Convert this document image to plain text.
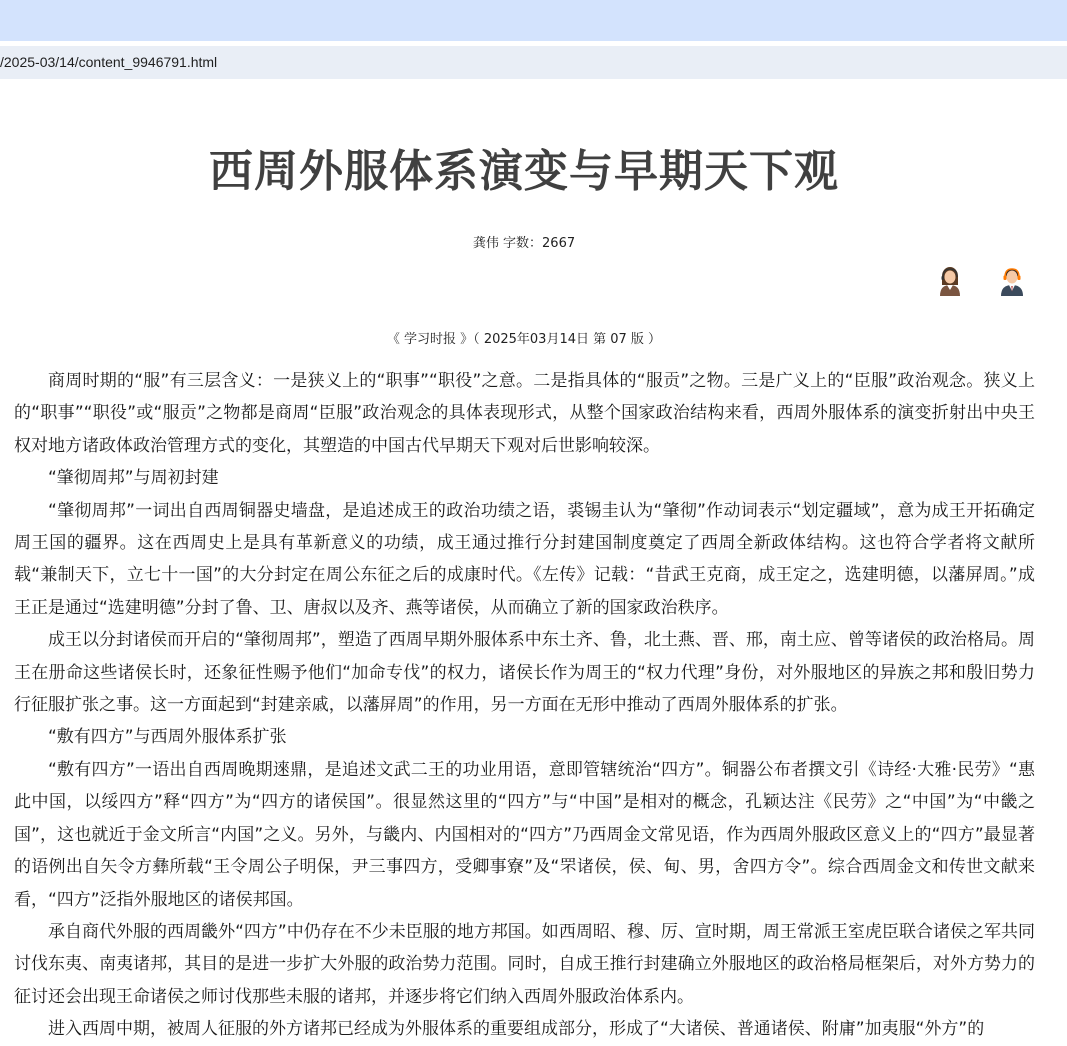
/2025-03/14/content_9946791.html
西周外服体系演变与早期天下观
龚伟 字数：2667
《 学习时报 》（ 2025年03月14日 第 07 版 ）

商周时期的“服”有三层含义：一是狭义上的“职事”“职役”之意。二是指具体的“服贡”之物。三是广义上的“臣服”政治观念。狭义上的“职事”“职役”或“服贡”之物都是商周“臣服”政治观念的具体表现形式，从整个国家政治结构来看，西周外服体系的演变折射出中央王权对地方诸政体政治管理方式的变化，其塑造的中国古代早期天下观对后世影响较深。

“肇彻周邦”与周初封建

“肇彻周邦”一词出自西周铜器史墙盘，是追述成王的政治功绩之语，裘锡圭认为“肇彻”作动词表示“划定疆域”，意为成王开拓确定周王国的疆界。这在西周史上是具有革新意义的功绩，成王通过推行分封建国制度奠定了西周全新政体结构。这也符合学者将文献所载“兼制天下，立七十一国”的大分封定在周公东征之后的成康时代。《左传》记载：“昔武王克商，成王定之，选建明德，以藩屏周。”成王正是通过“选建明德”分封了鲁、卫、唐叔以及齐、燕等诸侯，从而确立了新的国家政治秩序。

成王以分封诸侯而开启的“肇彻周邦”，塑造了西周早期外服体系中东土齐、鲁，北土燕、晋、邢，南土应、曾等诸侯的政治格局。周王在册命这些诸侯长时，还象征性赐予他们“加命专伐”的权力，诸侯长作为周王的“权力代理”身份，对外服地区的异族之邦和殷旧势力行征服扩张之事。这一方面起到“封建亲戚，以藩屏周”的作用，另一方面在无形中推动了西周外服体系的扩张。

“敷有四方”与西周外服体系扩张

“敷有四方”一语出自西周晚期逨鼎，是追述文武二王的功业用语，意即管辖统治“四方”。铜器公布者撰文引《诗经·大雅·民劳》“惠此中国，以绥四方”释“四方”为“四方的诸侯国”。很显然这里的“四方”与“中国”是相对的概念，孔颖达注《民劳》之“中国”为“中畿之国”，这也就近于金文所言“内国”之义。另外，与畿内、内国相对的“四方”乃西周金文常见语，作为西周外服政区意义上的“四方”最显著的语例出自矢令方彝所载“王令周公子明保，尹三事四方，受卿事寮”及“罘诸侯，侯、甸、男，舍四方令”。综合西周金文和传世文献来看，“四方”泛指外服地区的诸侯邦国。

承自商代外服的西周畿外“四方”中仍存在不少未臣服的地方邦国。如西周昭、穆、厉、宣时期，周王常派王室虎臣联合诸侯之军共同讨伐东夷、南夷诸邦，其目的是进一步扩大外服的政治势力范围。同时，自成王推行封建确立外服地区的政治格局框架后，对外方势力的征讨还会出现王命诸侯之师讨伐那些未服的诸邦，并逐步将它们纳入西周外服政治体系内。

进入西周中期，被周人征服的外方诸邦已经成为外服体系的重要组成部分，形成了“大诸侯、普通诸侯、附庸”加夷服“外方”的
